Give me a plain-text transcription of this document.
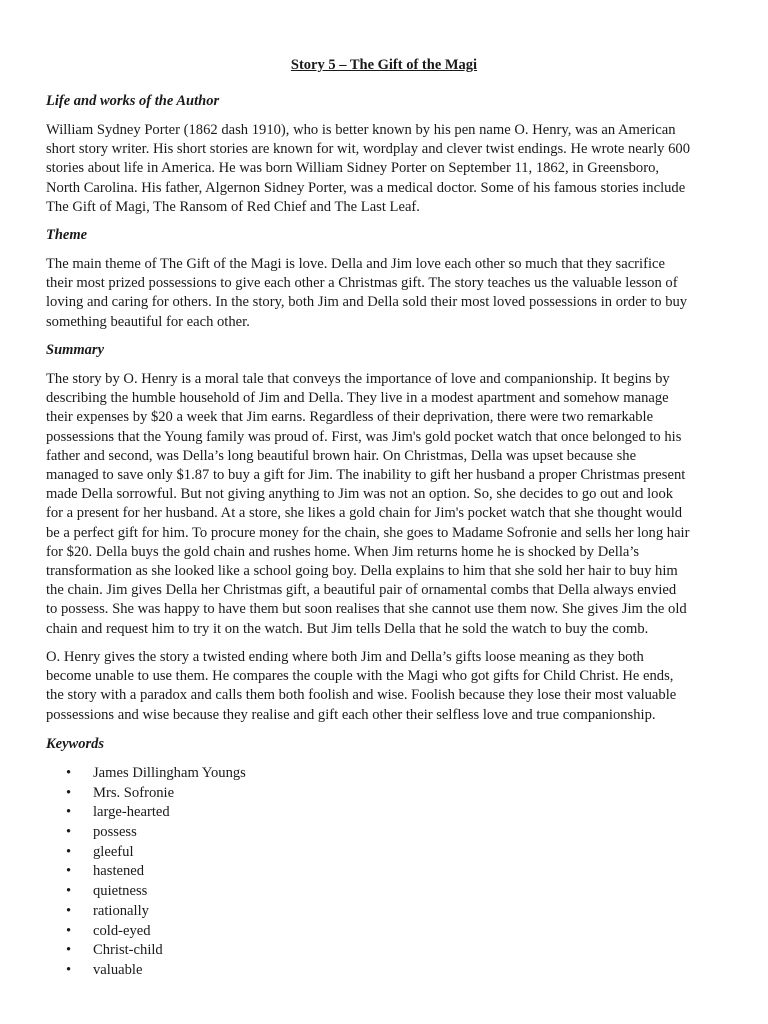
Story 5 – The Gift of the Magi
Life and works of the Author

William Sydney Porter (1862 dash 1910), who is better known by his pen name O. Henry, was an American
short story writer. His short stories are known for wit, wordplay and clever twist endings. He wrote nearly 600
stories about life in America. He was born William Sidney Porter on September 11, 1862, in Greensboro,
North Carolina. His father, Algernon Sidney Porter, was a medical doctor. Some of his famous stories include
The Gift of Magi, The Ransom of Red Chief and The Last Leaf.

Theme

The main theme of The Gift of the Magi is love. Della and Jim love each other so much that they sacrifice
their most prized possessions to give each other a Christmas gift. The story teaches us the valuable lesson of
loving and caring for others. In the story, both Jim and Della sold their most loved possessions in order to buy
something beautiful for each other.

Summary

The story by O. Henry is a moral tale that conveys the importance of love and companionship. It begins by
describing the humble household of Jim and Della. They live in a modest apartment and somehow manage
their expenses by $20 a week that Jim earns. Regardless of their deprivation, there were two remarkable
possessions that the Young family was proud of. First, was Jim's gold pocket watch that once belonged to his
father and second, was Della’s long beautiful brown hair. On Christmas, Della was upset because she
managed to save only $1.87 to buy a gift for Jim. The inability to gift her husband a proper Christmas present
made Della sorrowful. But not giving anything to Jim was not an option. So, she decides to go out and look
for a present for her husband. At a store, she likes a gold chain for Jim's pocket watch that she thought would
be a perfect gift for him. To procure money for the chain, she goes to Madame Sofronie and sells her long hair
for $20. Della buys the gold chain and rushes home. When Jim returns home he is shocked by Della’s
transformation as she looked like a school going boy. Della explains to him that she sold her hair to buy him
the chain. Jim gives Della her Christmas gift, a beautiful pair of ornamental combs that Della always envied
to possess. She was happy to have them but soon realises that she cannot use them now. She gives Jim the old
chain and request him to try it on the watch. But Jim tells Della that he sold the watch to buy the comb.

O. Henry gives the story a twisted ending where both Jim and Della’s gifts loose meaning as they both
become unable to use them. He compares the couple with the Magi who got gifts for Child Christ. He ends,
the story with a paradox and calls them both foolish and wise. Foolish because they lose their most valuable
possessions and wise because they realise and gift each other their selfless love and true companionship.

Keywords
• James Dillingham Youngs
• Mrs. Sofronie
• large-hearted
• possess
• gleeful
• hastened
• quietness
• rationally
• cold-eyed
• Christ-child
• valuable
